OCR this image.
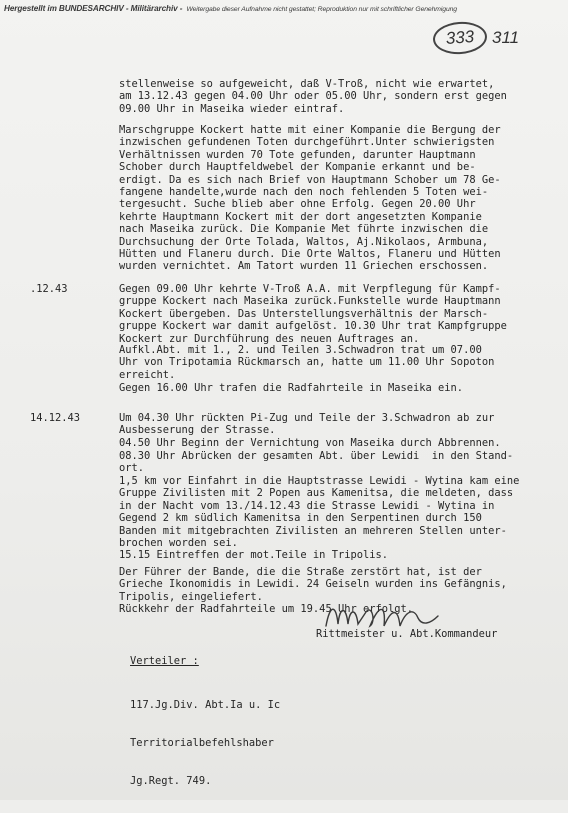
Hergestellt im BUNDESARCHIV - Militärarchiv - Weitergabe dieser Aufnahme nicht gestattet; Reproduktion nur mit schriftlicher Genehmigung
333	311
stellenweise so aufgeweicht, daß V-Troß, nicht wie erwartet,
am 13.12.43 gegen 04.00 Uhr oder 05.00 Uhr, sondern erst gegen
09.00 Uhr in Maseika wieder eintraf.
Marschgruppe Kockert hatte mit einer Kompanie die Bergung der
inzwischen gefundenen Toten durchgeführt.Unter schwierigsten
Verhältnissen wurden 70 Tote gefunden, darunter Hauptmann
Schober durch Hauptfeldwebel der Kompanie erkannt und be-
erdigt. Da es sich nach Brief von Hauptmann Schober um 78 Ge-
fangene handelte,wurde nach den noch fehlenden 5 Toten wei-
tergesucht. Suche blieb aber ohne Erfolg. Gegen 20.00 Uhr
kehrte Hauptmann Kockert mit der dort angesetzten Kompanie
nach Maseika zurück. Die Kompanie Met führte inzwischen die
Durchsuchung der Orte Tolada, Waltos, Aj.Nikolaos, Armbuna,
Hütten und Flaneru durch. Die Orte Waltos, Flaneru und Hütten
wurden vernichtet. Am Tatort wurden 11 Griechen erschossen.
.12.43	Gegen 09.00 Uhr kehrte V-Troß A.A. mit Verpflegung für Kampf-
gruppe Kockert nach Maseika zurück.Funkstelle wurde Hauptmann
Kockert übergeben. Das Unterstellungsverhältnis der Marsch-
gruppe Kockert war damit aufgelöst. 10.30 Uhr trat Kampfgruppe
Kockert zur Durchführung des neuen Auftrages an.
Aufkl.Abt. mit 1., 2. und Teilen 3.Schwadron trat um 07.00
Uhr von Tripotamia Rückmarsch an, hatte um 11.00 Uhr Sopoton
erreicht.
Gegen 16.00 Uhr trafen die Radfahrteile in Maseika ein.
14.12.43	Um 04.30 Uhr rückten Pi-Zug und Teile der 3.Schwadron ab zur
Ausbesserung der Strasse.
04.50 Uhr Beginn der Vernichtung von Maseika durch Abbrennen.
08.30 Uhr Abrücken der gesamten Abt. über Lewidi  in den Stand-
ort.
1,5 km vor Einfahrt in die Hauptstrasse Lewidi - Wytina kam eine
Gruppe Zivilisten mit 2 Popen aus Kamenitsa, die meldeten, dass
in der Nacht vom 13./14.12.43 die Strasse Lewidi - Wytina in
Gegend 2 km südlich Kamenitsa in den Serpentinen durch 150
Banden mit mitgebrachten Zivilisten an mehreren Stellen unter-
brochen worden sei.
15.15 Eintreffen der mot.Teile in Tripolis.
Der Führer der Bande, die die Straße zerstört hat, ist der
Grieche Ikonomidis in Lewidi. 24 Geiseln wurden ins Gefängnis,
Tripolis, eingeliefert.
Rückkehr der Radfahrteile um 19.45 Uhr erfolgt.
Rittmeister u. Abt.Kommandeur
Verteiler :

117.Jg.Div. Abt.Ia u. Ic

Territorialbefehlshaber

Jg.Regt. 749.
